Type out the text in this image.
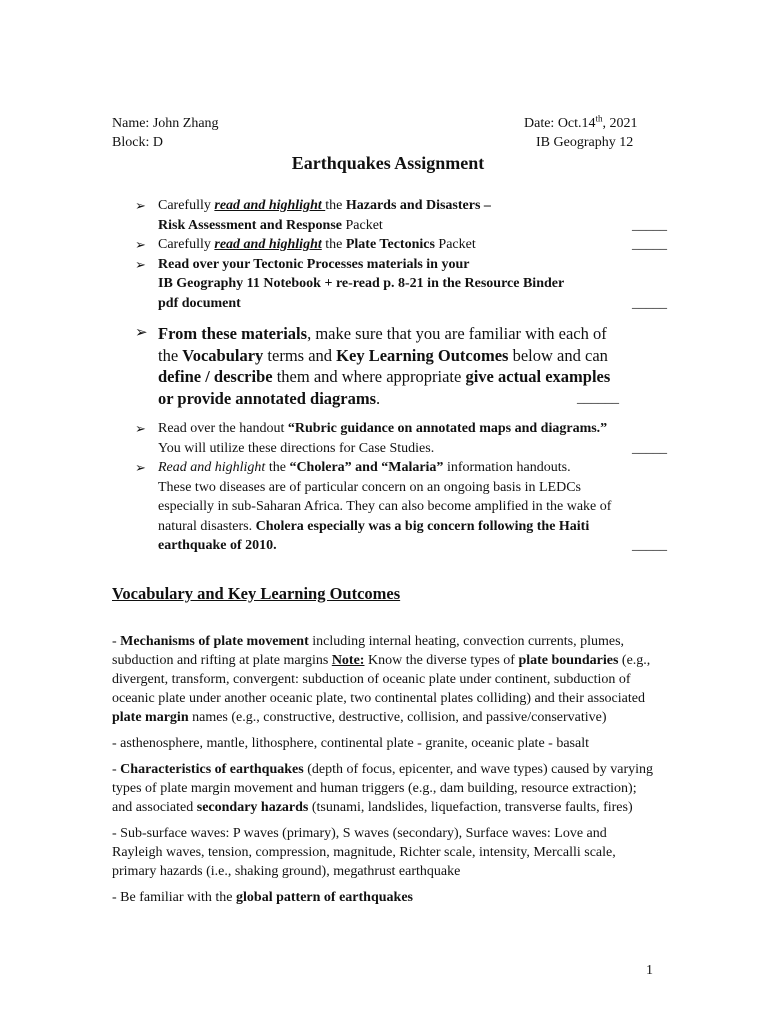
Name: John Zhang
Block: D
Date: Oct.14th, 2021
IB Geography 12
Earthquakes Assignment
➢ Carefully read and highlight the Hazards and Disasters –
Risk Assessment and Response Packet	_____
➢ Carefully read and highlight the Plate Tectonics Packet	_____
➢ Read over your Tectonic Processes materials in your
IB Geography 11 Notebook + re-read p. 8-21 in the Resource Binder
pdf document	_____
➢ From these materials, make sure that you are familiar with each of
the Vocabulary terms and Key Learning Outcomes below and can
define / describe them and where appropriate give actual examples
or provide annotated diagrams.	______
➢ Read over the handout “Rubric guidance on annotated maps and diagrams.”
You will utilize these directions for Case Studies.	_____
➢ Read and highlight the “Cholera” and “Malaria” information handouts.
These two diseases are of particular concern on an ongoing basis in LEDCs
especially in sub-Saharan Africa. They can also become amplified in the wake of
natural disasters. Cholera especially was a big concern following the Haiti
earthquake of 2010.	_____
Vocabulary and Key Learning Outcomes

- Mechanisms of plate movement including internal heating, convection currents, plumes, subduction and rifting at plate margins Note: Know the diverse types of plate boundaries (e.g., divergent, transform, convergent: subduction of oceanic plate under continent, subduction of oceanic plate under another oceanic plate, two continental plates colliding) and their associated plate margin names (e.g., constructive, destructive, collision, and passive/conservative)

- asthenosphere, mantle, lithosphere, continental plate - granite, oceanic plate - basalt

- Characteristics of earthquakes (depth of focus, epicenter, and wave types) caused by varying types of plate margin movement and human triggers (e.g., dam building, resource extraction); and associated secondary hazards (tsunami, landslides, liquefaction, transverse faults, fires)

- Sub-surface waves: P waves (primary), S waves (secondary), Surface waves: Love and Rayleigh waves, tension, compression, magnitude, Richter scale, intensity, Mercalli scale, primary hazards (i.e., shaking ground), megathrust earthquake

- Be familiar with the global pattern of earthquakes

1
